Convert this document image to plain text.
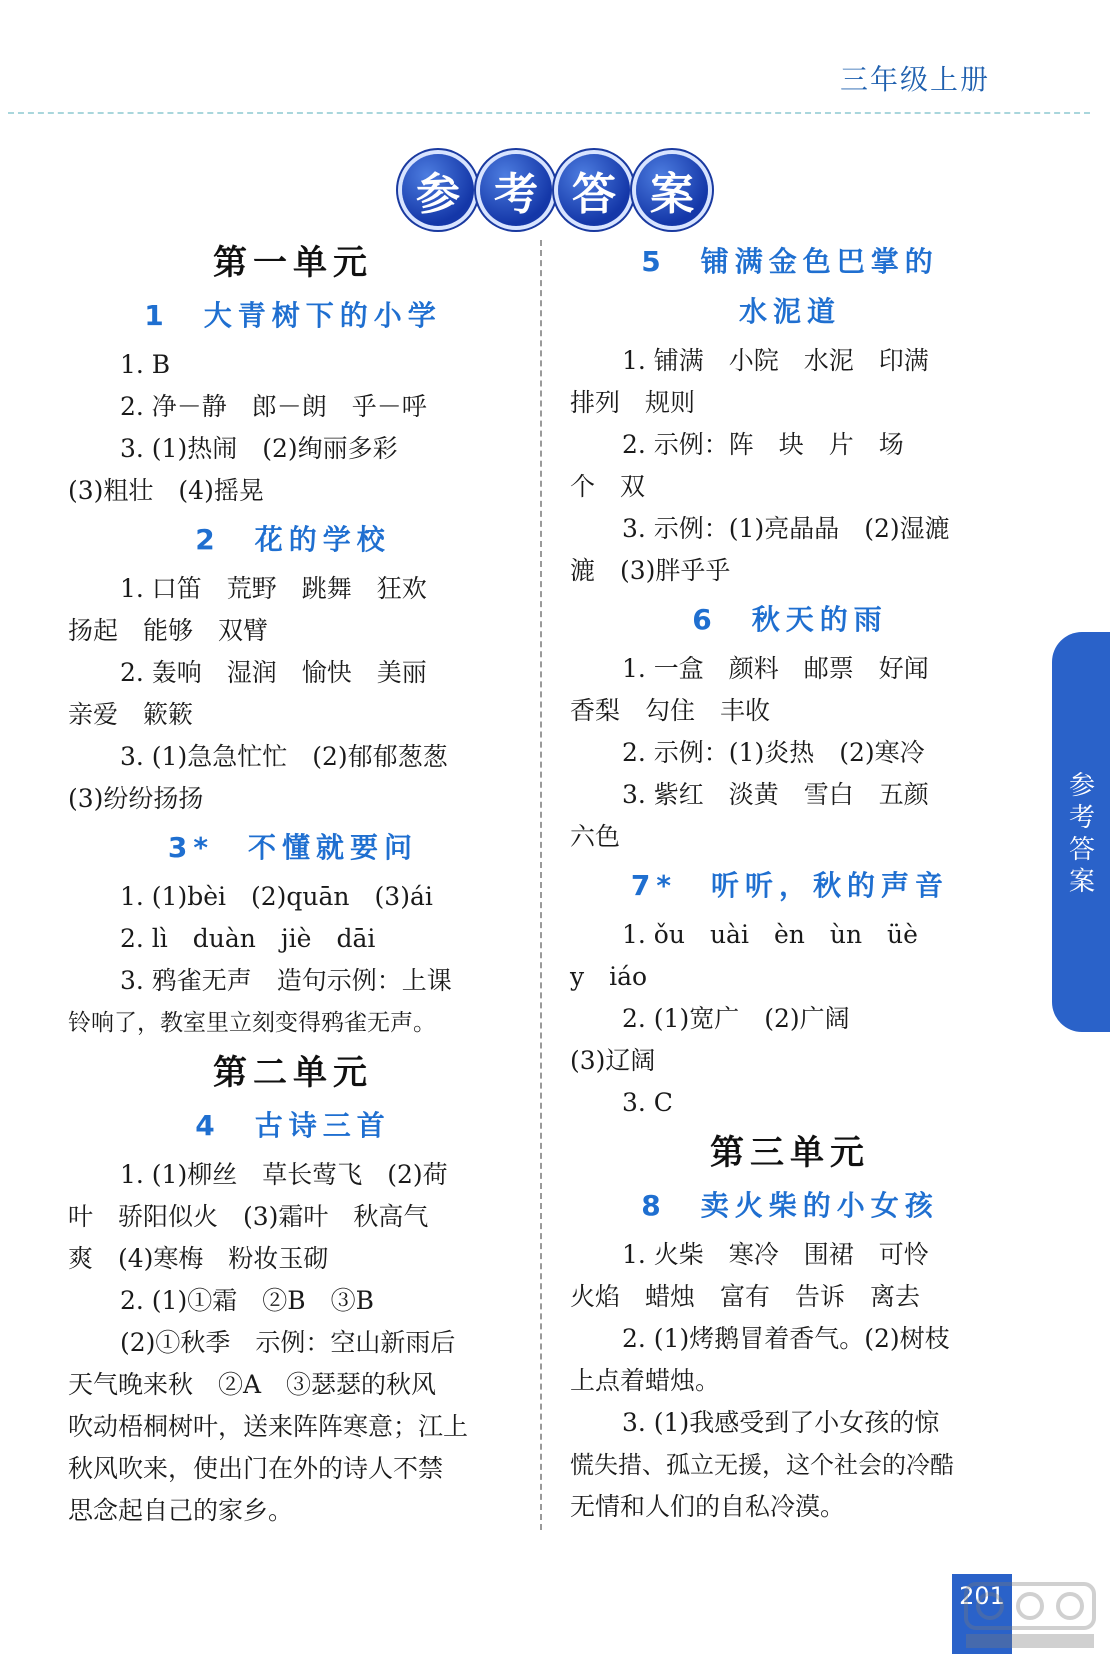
三年级上册
参 考 答 案
第一单元
1　大青树下的小学

1. B

2. 净－静　郎－朗　乎－呼

3. (1)热闹　(2)绚丽多彩

(3)粗壮　(4)摇晃

2　花的学校

1. 口笛　荒野　跳舞　狂欢

扬起　能够　双臂

2. 轰响　湿润　愉快　美丽

亲爱　簌簌

3. (1)急急忙忙　(2)郁郁葱葱

(3)纷纷扬扬

3*　不懂就要问

1. (1)bèi　(2)quān　(3)ái

2. lì　duàn　jiè　dāi

3. 鸦雀无声　造句示例：上课

铃响了，教室里立刻变得鸦雀无声。

第二单元
4　古诗三首

1. (1)柳丝　草长莺飞　(2)荷

叶　骄阳似火　(3)霜叶　秋高气

爽　(4)寒梅　粉妆玉砌

2. (1)①霜　②B　③B

(2)①秋季　示例：空山新雨后

天气晚来秋　②A　③瑟瑟的秋风

吹动梧桐树叶，送来阵阵寒意；江上

秋风吹来，使出门在外的诗人不禁

思念起自己的家乡。

5　铺满金色巴掌的
水泥道

1. 铺满　小院　水泥　印满

排列　规则

2. 示例：阵　块　片　场

个　双

3. 示例：(1)亮晶晶　(2)湿漉

漉　(3)胖乎乎

6　秋天的雨

1. 一盒　颜料　邮票　好闻

香梨　勾住　丰收

2. 示例：(1)炎热　(2)寒冷

3. 紫红　淡黄　雪白　五颜

六色

7*　听听，秋的声音

1. ǒu　uài　èn　ùn　üè

y　iáo

2. (1)宽广　(2)广阔

(3)辽阔

3. C

第三单元
8　卖火柴的小女孩

1. 火柴　寒冷　围裙　可怜

火焰　蜡烛　富有　告诉　离去

2. (1)烤鹅冒着香气。(2)树枝

上点着蜡烛。

3. (1)我感受到了小女孩的惊

慌失措、孤立无援，这个社会的冷酷

无情和人们的自私冷漠。

参考答案
201
